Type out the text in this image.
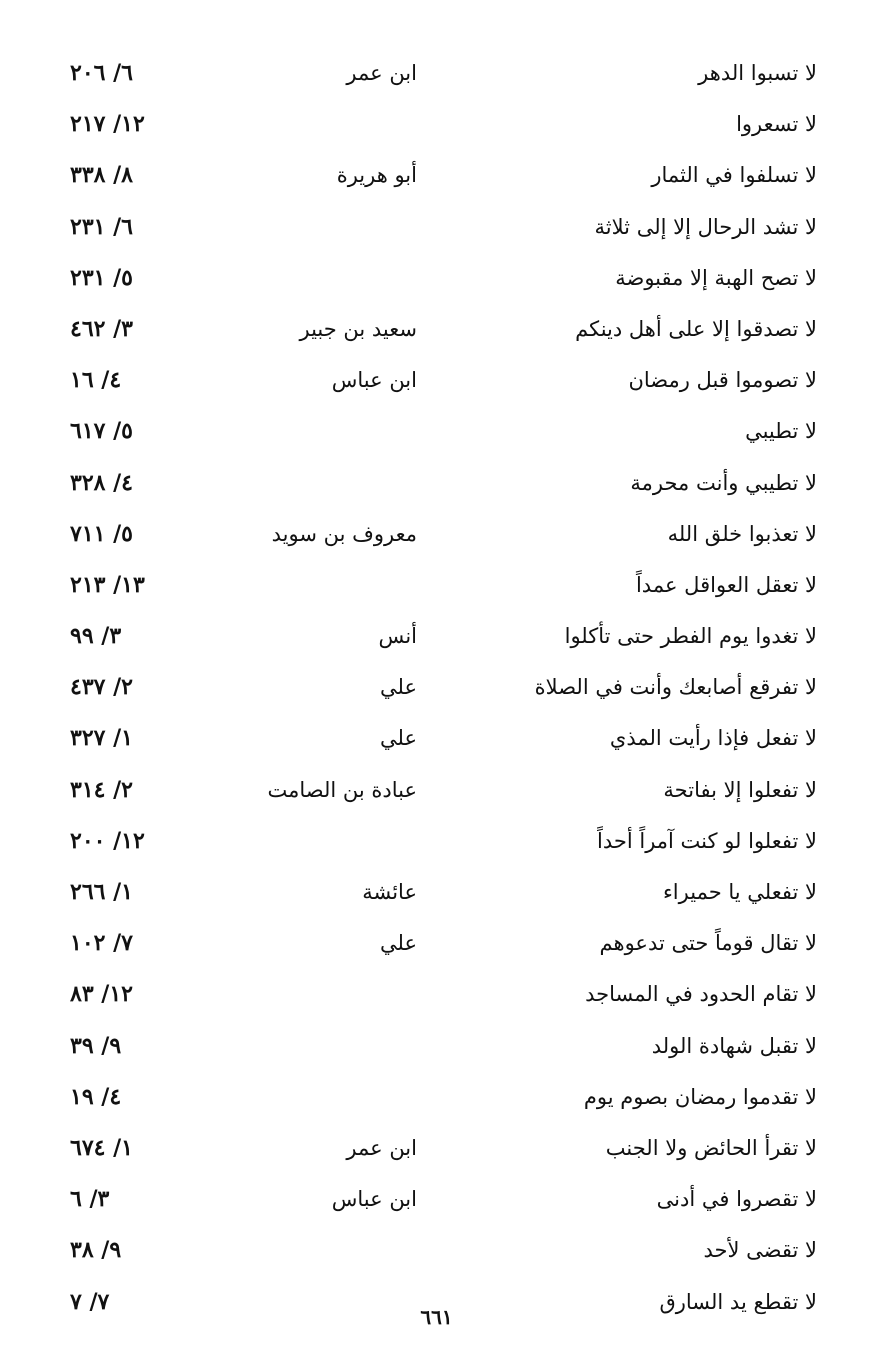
لا تسبوا الدهر
ابن عمر
٦/ ٢٠٦
لا تسعروا
١٢/ ٢١٧
لا تسلفوا في الثمار
أبو هريرة
٨/ ٣٣٨
لا تشد الرحال إلا إلى ثلاثة
٦/ ٢٣١
لا تصح الهبة إلا مقبوضة
٥/ ٢٣١
لا تصدقوا إلا على أهل دينكم
سعيد بن جبير
٣/ ٤٦٢
لا تصوموا قبل رمضان
ابن عباس
٤/ ١٦
لا تطيبي
٥/ ٦١٧
لا تطيبي وأنت محرمة
٤/ ٣٢٨
لا تعذبوا خلق الله
معروف بن سويد
٥/ ٧١١
لا تعقل العواقل عمداً
١٣/ ٢١٣
لا تغدوا يوم الفطر حتى تأكلوا
أنس
٣/ ٩٩
لا تفرقع أصابعك وأنت في الصلاة
علي
٢/ ٤٣٧
لا تفعل فإذا رأيت المذي
علي
١/ ٣٢٧
لا تفعلوا إلا بفاتحة
عبادة بن الصامت
٢/ ٣١٤
لا تفعلوا لو كنت آمراً أحداً
١٢/ ٢٠٠
لا تفعلي يا حميراء
عائشة
١/ ٢٦٦
لا تقال قوماً حتى تدعوهم
علي
٧/ ١٠٢
لا تقام الحدود في المساجد
١٢/ ٨٣
لا تقبل شهادة الولد
٩/ ٣٩
لا تقدموا رمضان بصوم يوم
٤/ ١٩
لا تقرأ الحائض ولا الجنب
ابن عمر
١/ ٦٧٤
لا تقصروا في أدنى
ابن عباس
٣/ ٦
لا تقضى لأحد
٩/ ٣٨
لا تقطع يد السارق
٧/ ٧
٦٦١
